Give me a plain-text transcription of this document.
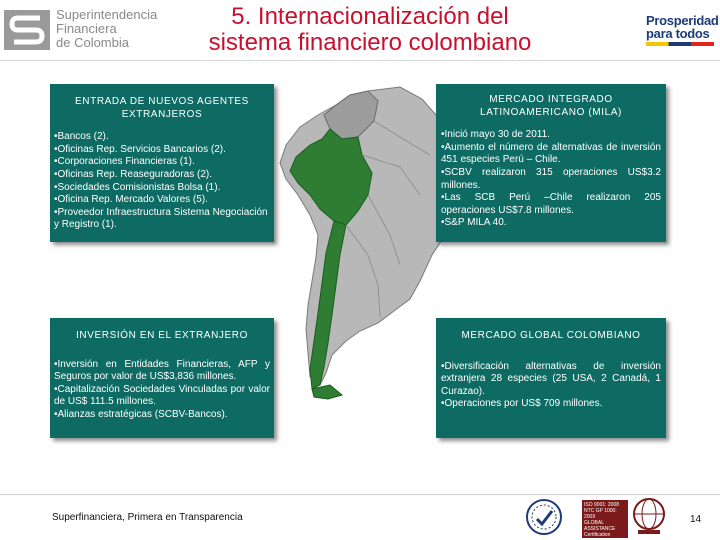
Superintendencia
Financiera
de Colombia
5. Internacionalización del
sistema financiero colombiano
Prosperidad
para todos
ENTRADA DE NUEVOS AGENTES EXTRANJEROS
•Bancos (2).
•Oficinas Rep. Servicios Bancarios (2).
•Corporaciones Financieras (1).
•Oficinas Rep. Reaseguradoras (2).
•Sociedades Comisionistas Bolsa (1).
•Oficina Rep. Mercado Valores (5).
•Proveedor Infraestructura Sistema Negociación y Registro (1).
MERCADO INTEGRADO LATINOAMERICANO (MILA)
•Inició mayo 30 de 2011.
•Aumento el número de alternativas de inversión 451 especies Perú – Chile.
•SCBV realizaron 315 operaciones US$3.2 millones.
•Las SCB Perú –Chile realizaron 205 operaciones US$7.8 millones.
•S&P MILA 40.
INVERSIÓN EN EL EXTRANJERO
•Inversión en Entidades Financieras, AFP y Seguros por valor de US$3,836 millones.
•Capitalización Sociedades Vinculadas por valor de US$ 111.5 millones.
•Alianzas estratégicas (SCBV-Bancos).
MERCADO GLOBAL COLOMBIANO
•Diversificación alternativas de inversión extranjera 28 especies (25 USA, 2 Canadá, 1 Curazao).
•Operaciones por US$ 709 millones.
Superfinanciera, Primera en Transparencia
ISO 9001: 2008
NTC GP 1000: 2009
GLOBAL ASSISTANCE
Certification
14
